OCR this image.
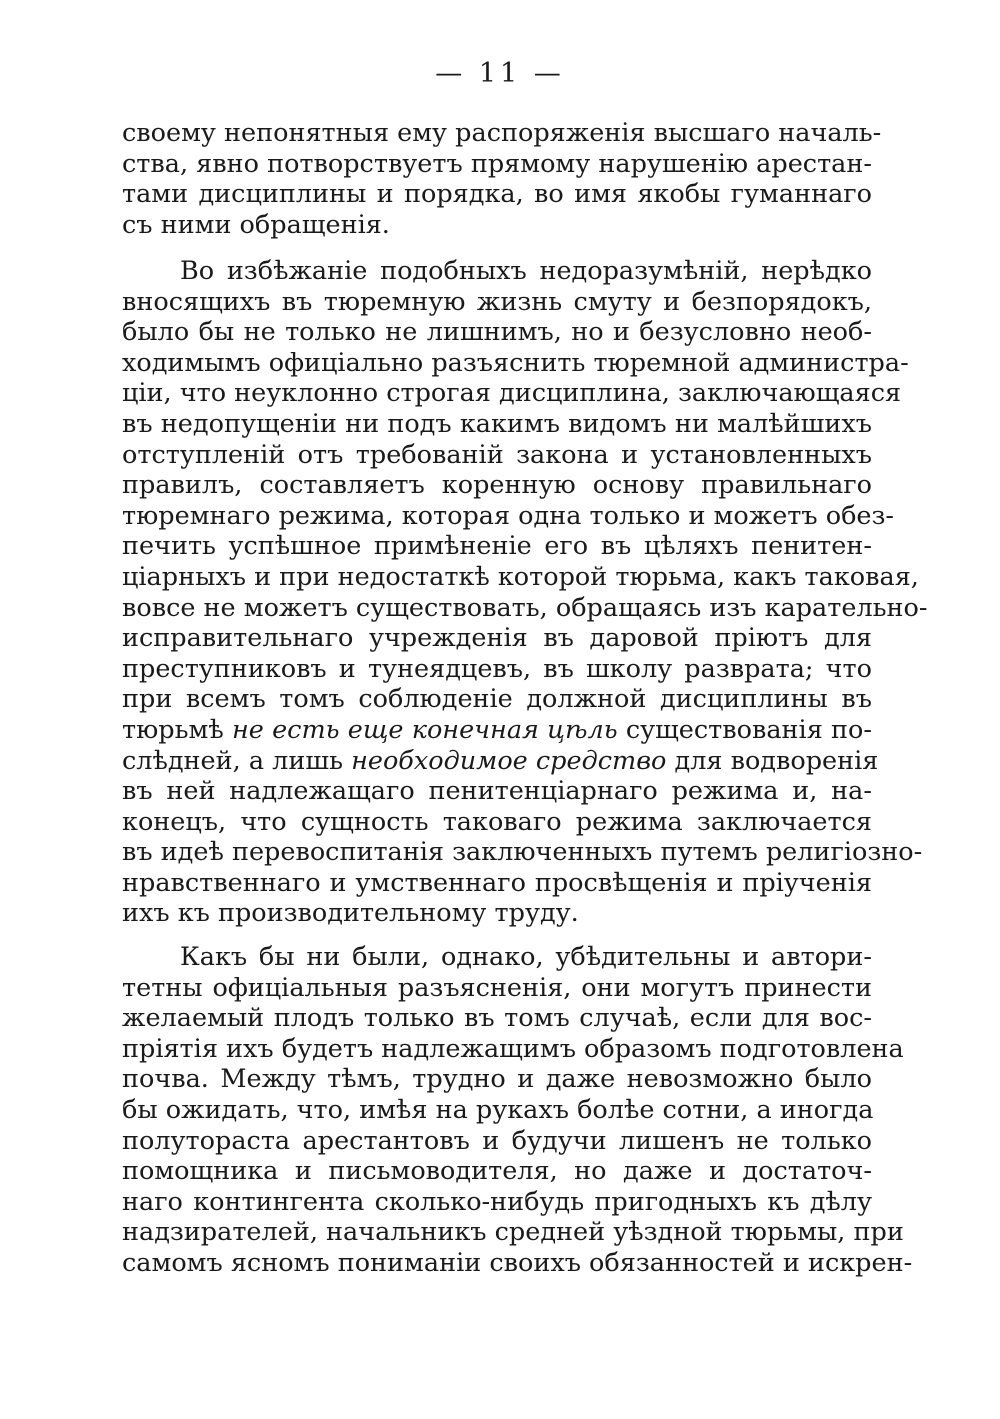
— 11 —
своему непонятныя ему распоряженія высшаго началь-
ства, явно потворствуетъ прямому нарушенію арестан-
тами дисциплины и порядка, во имя якобы гуманнаго
съ ними обращенія.
Во избѣжаніе подобныхъ недоразумѣній, нерѣдко
вносящихъ въ тюремную жизнь смуту и безпорядокъ,
было бы не только не лишнимъ, но и безусловно необ-
ходимымъ офиціально разъяснить тюремной администра-
ціи, что неуклонно строгая дисциплина, заключающаяся
въ недопущеніи ни подъ какимъ видомъ ни малѣйшихъ
отступленій отъ требованій закона и установленныхъ
правилъ, составляетъ коренную основу правильнаго
тюремнаго режима, которая одна только и можетъ обез-
печить успѣшное примѣненіе его въ цѣляхъ пенитен-
ціарныхъ и при недостаткѣ которой тюрьма, какъ таковая,
вовсе не можетъ существовать, обращаясь изъ карательно-
исправительнаго учрежденія въ даровой пріютъ для
преступниковъ и тунеядцевъ, въ школу разврата; что
при всемъ томъ соблюденіе должной дисциплины въ
тюрьмѣ не есть еще конечная цѣль существованія по-
слѣдней, а лишь необходимое средство для водворенія
въ ней надлежащаго пенитенціарнаго режима и, на-
конецъ, что сущность таковаго режима заключается
въ идеѣ перевоспитанія заключенныхъ путемъ религіозно-
нравственнаго и умственнаго просвѣщенія и пріученія
ихъ къ производительному труду.
Какъ бы ни были, однако, убѣдительны и автори-
тетны офиціальныя разъясненія, они могутъ принести
желаемый плодъ только въ томъ случаѣ, если для вос-
пріятія ихъ будетъ надлежащимъ образомъ подготовлена
почва. Между тѣмъ, трудно и даже невозможно было
бы ожидать, что, имѣя на рукахъ болѣе сотни, а иногда
полутораста арестантовъ и будучи лишенъ не только
помощника и письмоводителя, но даже и достаточ-
наго контингента сколько-нибудь пригодныхъ къ дѣлу
надзирателей, начальникъ средней уѣздной тюрьмы, при
самомъ ясномъ пониманіи своихъ обязанностей и искрен-
